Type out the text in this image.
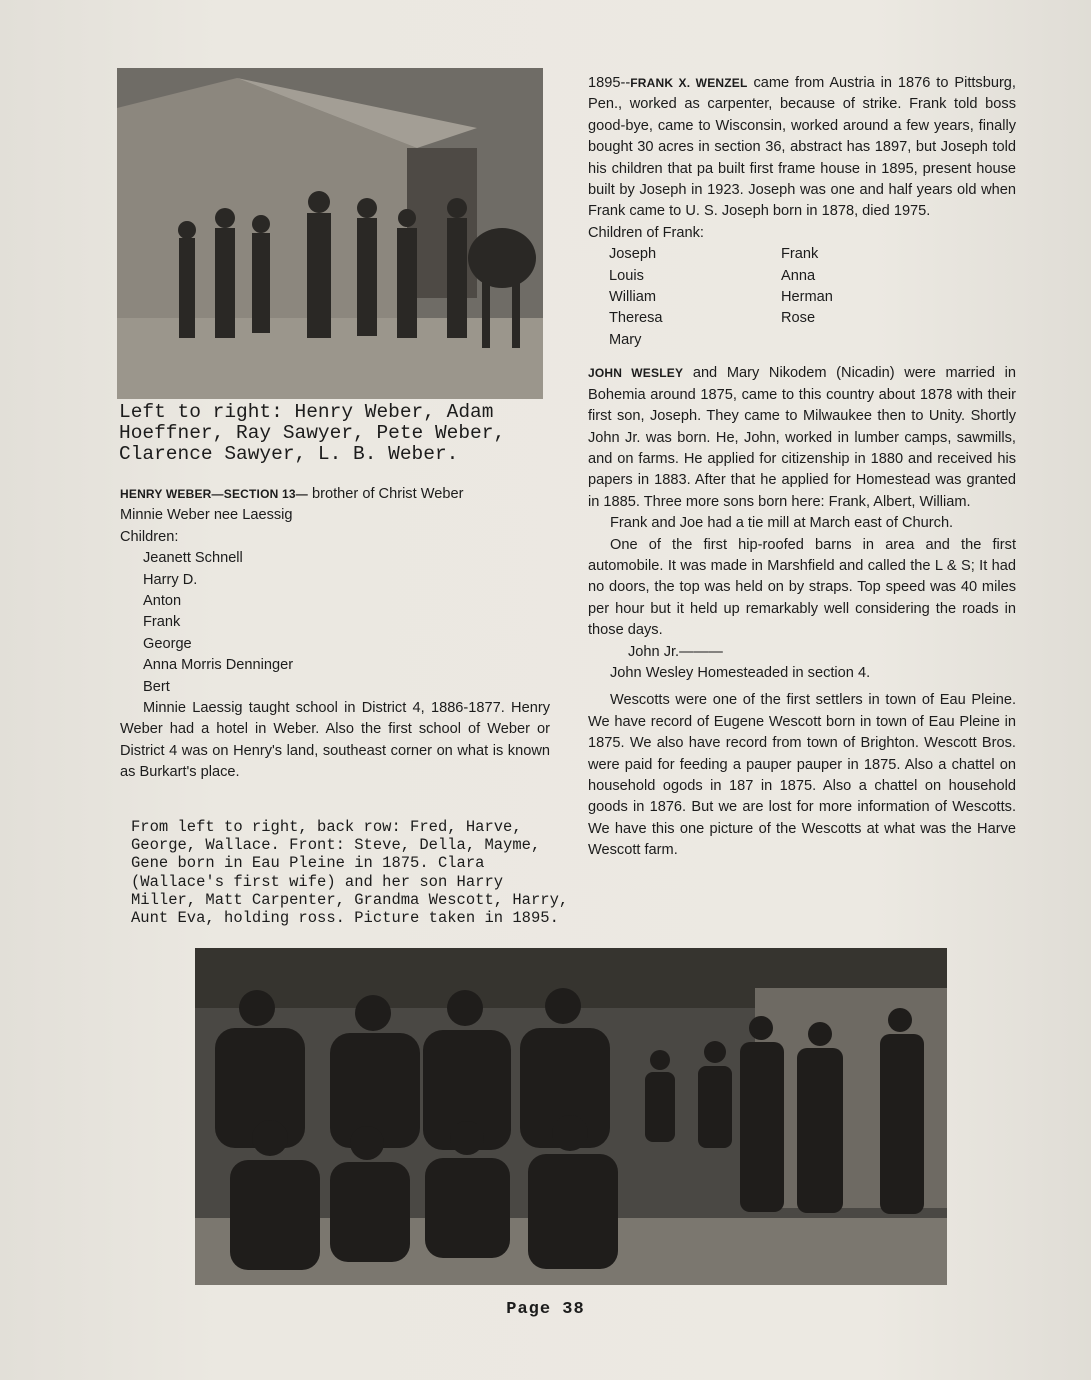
Left to right: Henry Weber, Adam Hoeffner, Ray Sawyer, Pete Weber, Clarence Sawyer, L. B. Weber.
HENRY WEBER—SECTION 13— brother of Christ Weber
Minnie Weber nee Laessig
Children:
Jeanett Schnell
Harry D.
Anton
Frank
George
Anna Morris Denninger
Bert
Minnie Laessig taught school in District 4, 1886-1877. Henry Weber had a hotel in Weber. Also the first school of Weber or District 4 was on Henry's land, southeast corner on what is known as Burkart's place.
From left to right, back row: Fred, Harve, George, Wallace. Front: Steve, Della, Mayme, Gene born in Eau Pleine in 1875. Clara (Wallace's first wife) and her son Harry Miller, Matt Carpenter, Grandma Wescott, Harry, Aunt Eva, holding ross. Picture taken in 1895.

1895--FRANK X. WENZEL came from Austria in 1876 to Pittsburg, Pen., worked as carpenter, because of strike. Frank told boss good-bye, came to Wisconsin, worked around a few years, finally bought 30 acres in section 36, abstract has 1897, but Joseph told his children that pa built first frame house in 1895, present house built by Joseph in 1923. Joseph was one and half years old when Frank came to U. S. Joseph born in 1878, died 1975.

Children of Frank:
Joseph	Frank
Louis	Anna
William	Herman
Theresa	Rose
Mary

JOHN WESLEY and Mary Nikodem (Nicadin) were married in Bohemia around 1875, came to this country about 1878 with their first son, Joseph. They came to Milwaukee then to Unity. Shortly John Jr. was born. He, John, worked in lumber camps, sawmills, and on farms. He applied for citizenship in 1880 and received his papers in 1883. After that he applied for Homestead was granted in 1885. Three more sons born here: Frank, Albert, William.

Frank and Joe had a tie mill at March east of Church.

One of the first hip-roofed barns in area and the first automobile. It was made in Marshfield and called the L & S; It had no doors, the top was held on by straps. Top speed was 40 miles per hour but it held up remarkably well considering the roads in those days.

John Jr.———

John Wesley Homesteaded in section 4.

Wescotts were one of the first settlers in town of Eau Pleine. We have record of Eugene Wescott born in town of Eau Pleine in 1875. We also have record from town of Brighton. Wescott Bros. were paid for feeding a pauper pauper in 1875. Also a chattel on household ogods in 187 in 1875. Also a chattel on household goods in 1876. But we are lost for more information of Wescotts. We have this one picture of the Wescotts at what was the Harve Wescott farm.

Page 38
